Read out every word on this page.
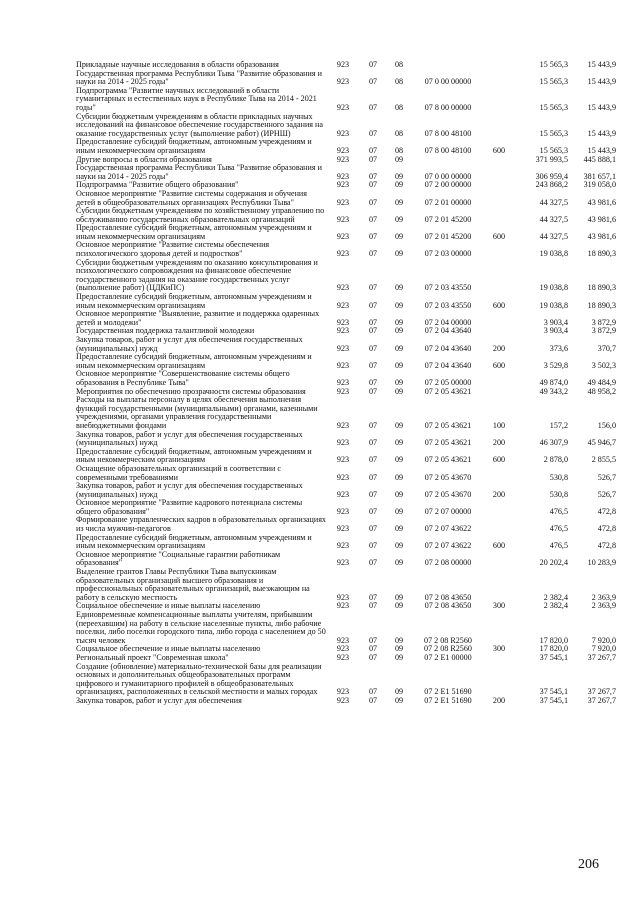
Прикладные научные исследования в области образования	923	07	08			15 565,3	15 443,9
Государственная программа Республики Тыва "Развитие образования и науки на 2014 - 2025 годы"	923	07	08	07 0 00 00000		15 565,3	15 443,9
Подпрограмма "Развитие научных исследований в области гуманитарных и естественных наук в Республике Тыва на 2014 - 2021 годы"	923	07	08	07 8 00 00000		15 565,3	15 443,9
Субсидии бюджетным учреждениям в области прикладных научных исследований на финансовое обеспечение государственного задания на оказание государственных услуг (выполнение работ) (ИРНШ)	923	07	08	07 8 00 48100		15 565,3	15 443,9
Предоставление субсидий бюджетным, автономным учреждениям и иным некоммерческим организациям	923	07	08	07 8 00 48100	600	15 565,3	15 443,9
Другие вопросы в области образования	923	07	09			371 993,5	445 888,1
Государственная программа Республики Тыва "Развитие образования и науки на 2014 - 2025 годы"	923	07	09	07 0 00 00000		306 959,4	381 657,1
Подпрограмма "Развитие общего образования"	923	07	09	07 2 00 00000		243 868,2	319 058,0
Основное мероприятие "Развитие системы содержания и обучения детей в общеобразовательных организациях Республики Тыва"	923	07	09	07 2 01 00000		44 327,5	43 981,6
Субсидии бюджетным учреждениям по хозяйственному управлению по обслуживанию государственных образовательных организаций	923	07	09	07 2 01 45200		44 327,5	43 981,6
Предоставление субсидий бюджетным, автономным учреждениям и иным некоммерческим организациям	923	07	09	07 2 01 45200	600	44 327,5	43 981,6
Основное мероприятие "Развитие системы обеспечения психологического здоровья детей и подростков"	923	07	09	07 2 03 00000		19 038,8	18 890,3
Субсидии бюджетным учреждениям по оказанию консультирования и психологического сопровождения на финансовое обеспечение государственного задания на оказание государственных услуг (выполнение работ) (ЦДКиПС)	923	07	09	07 2 03 43550		19 038,8	18 890,3
Предоставление субсидий бюджетным, автономным учреждениям и иным некоммерческим организациям	923	07	09	07 2 03 43550	600	19 038,8	18 890,3
Основное мероприятие "Выявление, развитие и поддержка одаренных детей и молодежи"	923	07	09	07 2 04 00000		3 903,4	3 872,9
Государственная поддержка талантливой молодежи	923	07	09	07 2 04 43640		3 903,4	3 872,9
Закупка товаров, работ и услуг для обеспечения государственных (муниципальных) нужд	923	07	09	07 2 04 43640	200	373,6	370,7
Предоставление субсидий бюджетным, автономным учреждениям и иным некоммерческим организациям	923	07	09	07 2 04 43640	600	3 529,8	3 502,3
Основное мероприятие "Совершенствование системы общего образования в Республике Тыва"	923	07	09	07 2 05 00000		49 874,0	49 484,9
Мероприятия по обеспечению прозрачности системы образования	923	07	09	07 2 05 43621		49 343,2	48 958,2
Расходы на выплаты персоналу в целях обеспечения выполнения функций государственными (муниципальными) органами, казенными учреждениями, органами управления государственными внебюджетными фондами	923	07	09	07 2 05 43621	100	157,2	156,0
Закупка товаров, работ и услуг для обеспечения государственных (муниципальных) нужд	923	07	09	07 2 05 43621	200	46 307,9	45 946,7
Предоставление субсидий бюджетным, автономным учреждениям и иным некоммерческим организациям	923	07	09	07 2 05 43621	600	2 878,0	2 855,5
Оснащение образовательных организаций в соответствии с современными требованиями	923	07	09	07 2 05 43670		530,8	526,7
Закупка товаров, работ и услуг для обеспечения государственных (муниципальных) нужд	923	07	09	07 2 05 43670	200	530,8	526,7
Основное мероприятие "Развитие кадрового потенциала системы общего образования"	923	07	09	07 2 07 00000		476,5	472,8
Формирование управленческих кадров в образовательных организациях из числа мужчин-педагогов	923	07	09	07 2 07 43622		476,5	472,8
Предоставление субсидий бюджетным, автономным учреждениям и иным некоммерческим организациям	923	07	09	07 2 07 43622	600	476,5	472,8
Основное мероприятие "Социальные гарантии работникам образования"	923	07	09	07 2 08 00000		20 202,4	10 283,9
Выделение грантов Главы Республики Тыва выпускникам образовательных организаций высшего образования и профессиональных образовательных организаций, выезжающим на работу в сельскую местность	923	07	09	07 2 08 43650		2 382,4	2 363,9
Социальное обеспечение и иные выплаты населению	923	07	09	07 2 08 43650	300	2 382,4	2 363,9
Единовременные компенсационные выплаты учителям, прибывшим (переехавшим) на работу в сельские населенные пункты, либо рабочие поселки, либо поселки городского типа, либо города с населением до 50 тысяч человек	923	07	09	07 2 08 R2560		17 820,0	7 920,0
Социальное обеспечение и иные выплаты населению	923	07	09	07 2 08 R2560	300	17 820,0	7 920,0
Региональный проект "Современная школа"	923	07	09	07 2 E1 00000		37 545,1	37 267,7
Создание (обновление) материально-технической базы для реализации основных и дополнительных общеобразовательных программ цифрового и гуманитарного профилей в общеобразовательных организациях, расположенных в сельской местности и малых городах	923	07	09	07 2 E1 51690		37 545,1	37 267,7
Закупка товаров, работ и услуг для обеспечения	923	07	09	07 2 E1 51690	200	37 545,1	37 267,7
206
